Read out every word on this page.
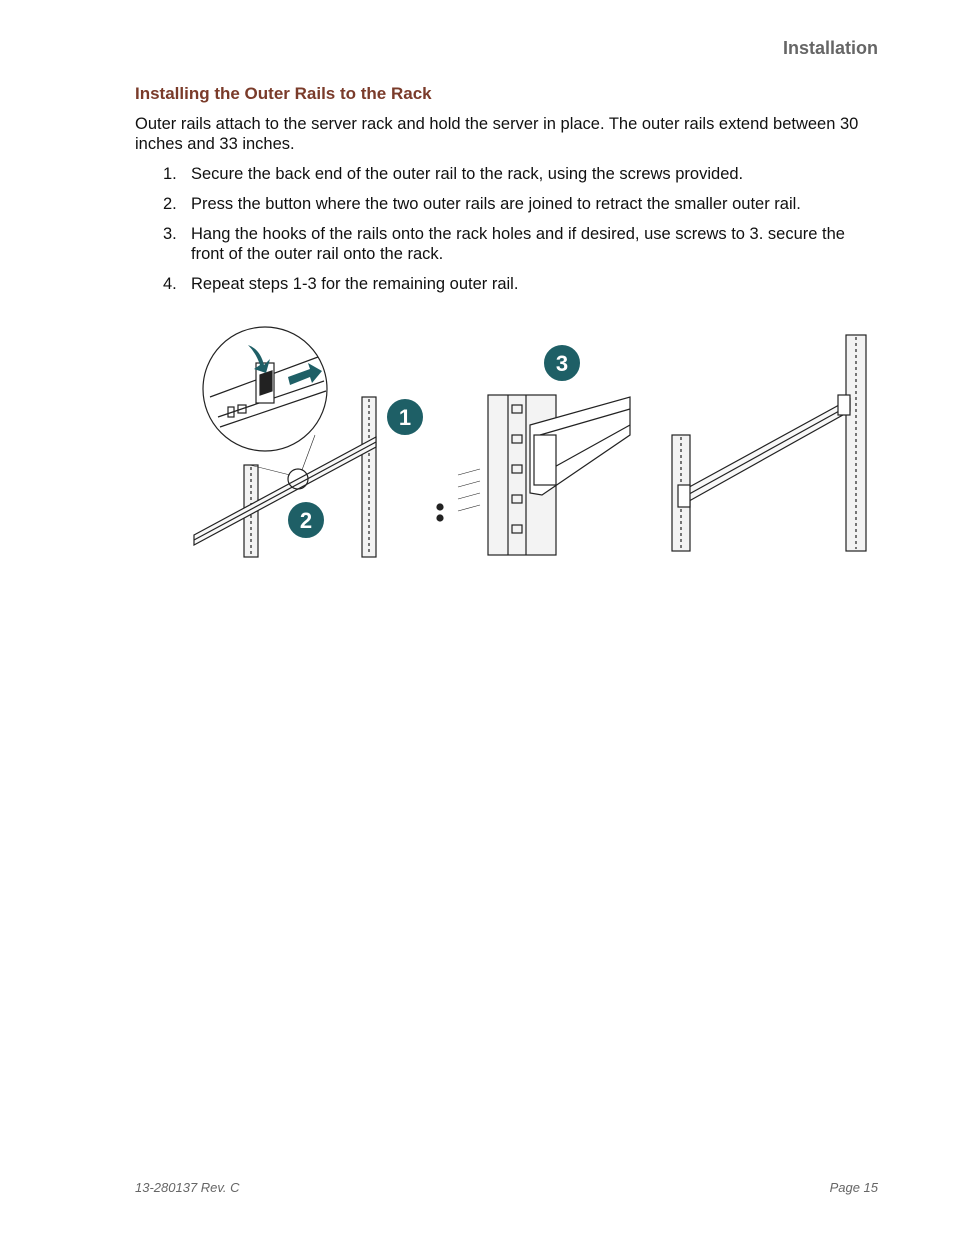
Installation
Installing the Outer Rails to the Rack

Outer rails attach to the server rack and hold the server in place. The outer rails extend between 30 inches and 33 inches.

1. Secure the back end of the outer rail to the rack, using the screws provided.
2. Press the button where the two outer rails are joined to retract the smaller outer rail.
3. Hang the hooks of the rails onto the rack holes and if desired, use screws to 3. secure the front of the outer rail onto the rack.
4. Repeat steps 1-3 for the remaining outer rail.
1
2
3
13-280137 Rev. C	Page 15
